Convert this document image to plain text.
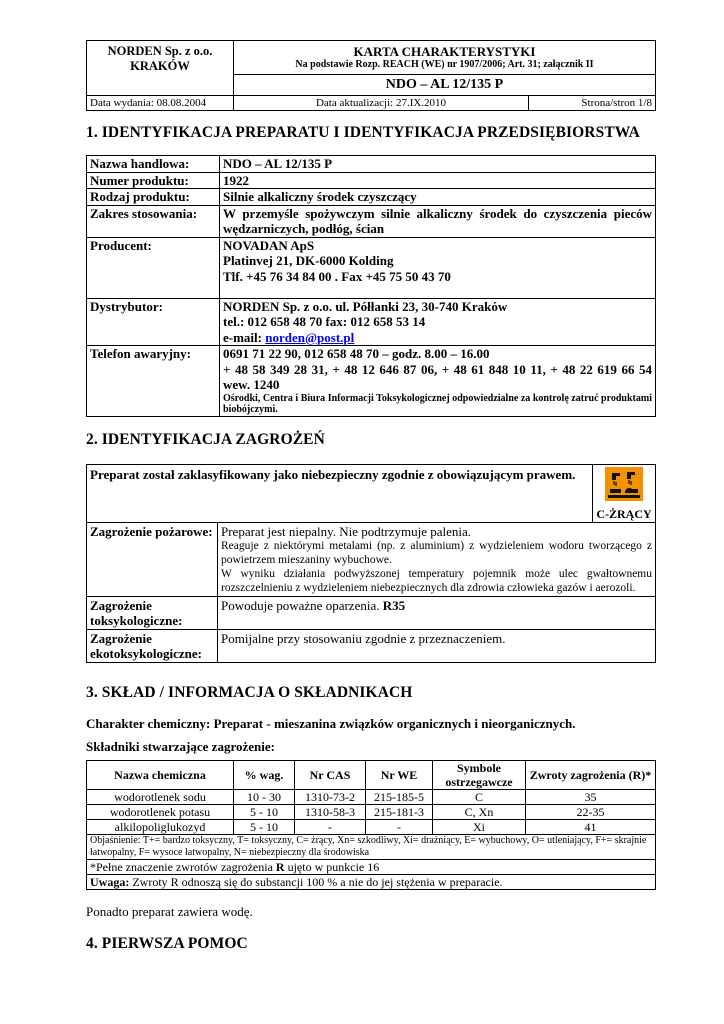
NORDEN Sp. z o.o.
KRAKÓW

KARTA CHARAKTERYSTYKI
Na podstawie Rozp. REACH (WE) nr 1907/2006; Art. 31; załącznik II

NDO – AL 12/135 P
Data wydania: 08.08.2004	Data aktualizacji: 27.IX.2010	Strona/stron 1/8
1. IDENTYFIKACJA PREPARATU I IDENTYFIKACJA PRZEDSIĘBIORSTWA
Nazwa handlowa:	NDO – AL 12/135 P
Numer produktu:	1922
Rodzaj produktu:	Silnie alkaliczny środek czyszczący
Zakres stosowania:	W przemyśle spożywczym silnie alkaliczny środek do czyszczenia pieców wędzarniczych, podłóg, ścian
Producent:	NOVADAN ApS
Platinvej 21, DK-6000 Kolding
Tlf. +45 76 34 84 00 . Fax +45 75 50 43 70

Dystrybutor:	NORDEN Sp. z o.o. ul. Półłanki 23, 30-740 Kraków
tel.: 012 658 48 70 fax: 012 658 53 14
e-mail: norden@post.pl

Telefon awaryjny:	0691 71 22 90, 012 658 48 70 – godz. 8.00 – 16.00
+ 48 58 349 28 31, + 48 12 646 87 06, + 48 61 848 10 11, + 48 22 619 66 54 wew. 1240
Ośrodki, Centra i Biura Informacji Toksykologicznej odpowiedzialne za kontrolę zatruć produktami biobójczymi.
2. IDENTYFIKACJA ZAGROŻEŃ
Preparat został zaklasyfikowany jako niebezpieczny zgodnie z obowiązującym prawem.	
C-ŻRĄCY

Zagrożenie pożarowe:	Preparat jest niepalny. Nie podtrzymuje palenia.
Reaguje z niektórymi metalami (np. z aluminium) z wydzieleniem wodoru tworzącego z powietrzem mieszaniny wybuchowe.
W wyniku działania podwyższonej temperatury pojemnik może ulec gwałtownemu rozszczelnieniu z wydzieleniem niebezpiecznych dla zdrowia człowieka gazów i aerozoli.

Zagrożenie toksykologiczne:	Powoduje poważne oparzenia. R35
Zagrożenie ekotoksykologiczne:	Pomijalne przy stosowaniu zgodnie z przeznaczeniem.
3. SKŁAD / INFORMACJA O SKŁADNIKACH
Charakter chemiczny: Preparat - mieszanina związków organicznych i nieorganicznych.
Składniki stwarzające zagrożenie:
Nazwa chemiczna	% wag.	Nr CAS	Nr WE	Symbole ostrzegawcze	Zwroty zagrożenia (R)*
wodorotlenek sodu	10 - 30	1310-73-2	215-185-5	C	35
wodorotlenek potasu	5 - 10	1310-58-3	215-181-3	C, Xn	22-35
alkilopoliglukozyd	5 - 10	-	-	Xi	41
Objaśnienie: T+= bardzo toksyczny, T= toksyczny, C= żrący, Xn= szkodliwy, Xi= drażniący, E= wybuchowy, O= utleniający, F+= skrajnie łatwopalny, F= wysoce łatwopalny, N= niebezpieczny dla środowiska					
*Pełne znaczenie zwrotów zagrożenia R ujęto w punkcie 16					
Uwaga: Zwroty R odnoszą się do substancji 100 % a nie do jej stężenia w preparacie.					
Ponadto preparat zawiera wodę.
4. PIERWSZA POMOC
